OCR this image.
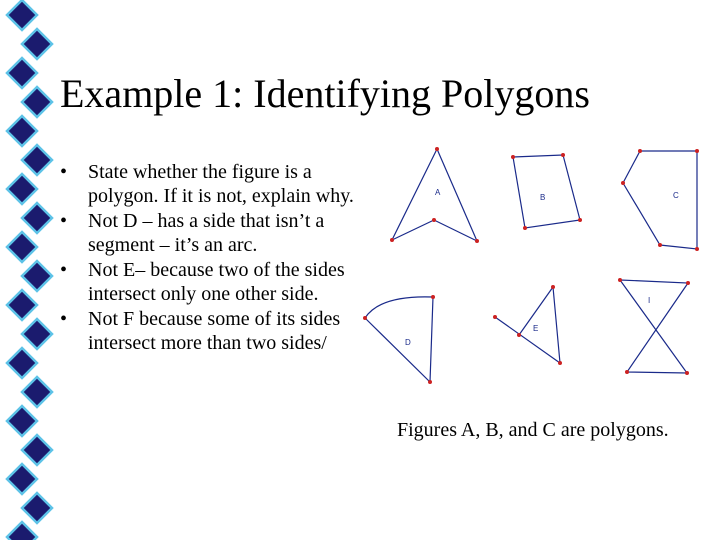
Example 1: Identifying Polygons
• State whether the figure is a polygon. If it is not, explain why.
• Not D – has a side that isn’t a segment – it’s an arc.
• Not E– because two of the sides intersect only one other side.
• Not F because some of its sides intersect more than two sides/
A
B	C
D
E
I

Figures A, B, and C are polygons.
